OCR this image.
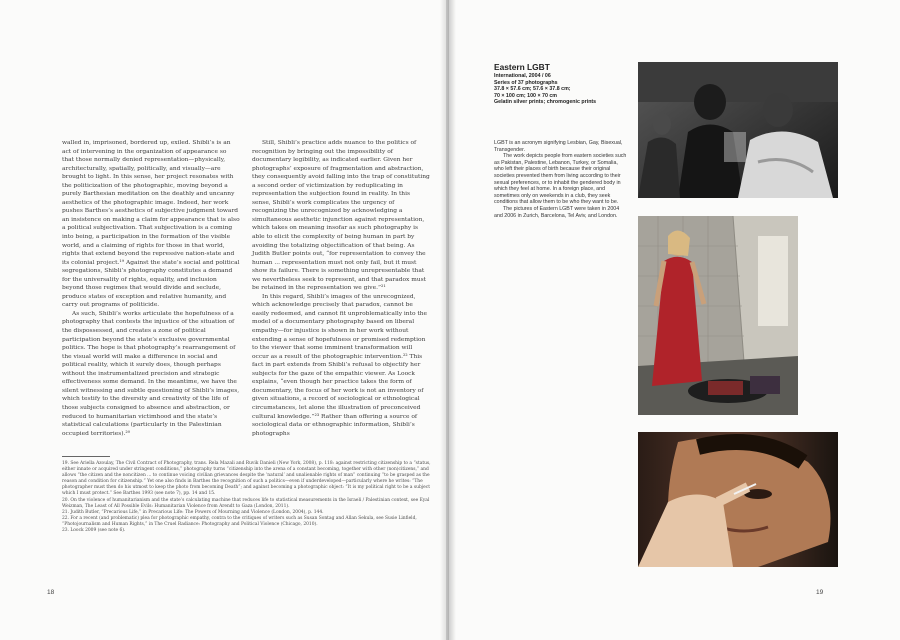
walled in, imprisoned, bordered up, exiled. Shibli’s is an act of intervening in the organization of appearance so that those normally denied representation—physically, architecturally, spatially, politically, and visually—are brought to light. In this sense, her project resonates with the politicization of the photographic, moving beyond a purely Barthesian meditation on the deathly and uncanny aesthetics of the photographic image. Indeed, her work pushes Barthes’s aesthetics of subjective judgment toward an insistence on making a claim for appearance that is also a political subjectivation. That subjectivation is a coming into being, a participation in the formation of the visible world, and a claiming of rights for those in that world, rights that extend beyond the repressive nation-state and its colonial project.¹⁹ Against the state’s social and political segregations, Shibli’s photography constitutes a demand for the universality of rights, equality, and inclusion beyond those regimes that would divide and seclude, produce states of exception and relative humanity, and carry out programs of politicide.

As such, Shibli’s works articulate the hopefulness of a photography that contests the injustice of the situation of the dispossessed, and creates a zone of political participation beyond the state’s exclusive governmental politics. The hope is that photography’s rearrangement of the visual world will make a difference in social and political reality, which it surely does, though perhaps without the instrumentalized precision and strategic effectiveness some demand. In the meantime, we have the silent witnessing and subtle questioning of Shibli’s images, which testify to the diversity and creativity of the life of those subjects consigned to absence and abstraction, or reduced to humanitarian victimhood and the state’s statistical calculations (particularly in the Palestinian occupied territories).²⁰

Still, Shibli’s practice adds nuance to the politics of recognition by bringing out the impossibility of documentary legibility, as indicated earlier. Given her photographs’ exposure of fragmentation and abstraction, they consequently avoid falling into the trap of constituting a second order of victimization by reduplicating in representation the subjection found in reality. In this sense, Shibli’s work complicates the urgency of recognizing the unrecognized by acknowledging a simultaneous aesthetic injunction against representation, which takes on meaning insofar as such photography is able to elicit the complexity of being human in part by avoiding the totalizing objectification of that being. As Judith Butler points out, “for representation to convey the human ... representation must not only fail, but it must show its failure. There is something unrepresentable that we nevertheless seek to represent, and that paradox must be retained in the representation we give.”²¹

In this regard, Shibli’s images of the unrecognized, which acknowledge precisely that paradox, cannot be easily redeemed, and cannot fit unproblematically into the model of a documentary photography based on liberal empathy—for injustice is shown in her work without extending a sense of hopefulness or promised redemption to the viewer that some imminent transformation will occur as a result of the photographic intervention.²² This fact in part extends from Shibli’s refusal to objectify her subjects for the gaze of the empathic viewer. As Loock explains, “even though her practice takes the form of documentary, the focus of her work is not an inventory of given situations, a record of sociological or ethnological circumstances, let alone the illustration of preconceived cultural knowledge.”²³ Rather than offering a source of sociological data or ethnographic information, Shibli’s photographs

19. See Ariella Azoulay, The Civil Contract of Photography, trans. Rela Mazali and Ruvik Danieli (New York, 2008), p. 118: against restricting citizenship to a “status, either innate or acquired under stringent conditions,” photography turns “citizenship into the arena of a constant becoming, together with other (non)citizens,” and allows “the citizen and the noncitizen ... to continue voicing civilian grievances despite the ‘natural’ and unalienable rights of man” continuing “to be grasped as the reason and condition for citizenship.” Yet one also finds in Barthes the recognition of such a politics—even if underdeveloped—particularly where he writes: “The photographer must then do his utmost to keep the photo from becoming Death”; and against becoming a photographic object: “It is my political right to be a subject which I must protect.” See Barthes 1993 (see note 7), pp. 14 and 15.

20. On the violence of humanitarianism and the state’s calculating machine that reduces life to statistical measurements in the Israeli / Palestinian context, see Eyal Weizman, The Least of All Possible Evils: Humanitarian Violence from Arendt to Gaza (London, 2011).

21. Judith Butler, “Precarious Life,” in Precarious Life: The Powers of Mourning and Violence (London, 2004), p. 144.

22. For a recent (and problematic) plea for photographic empathy, contra to the critiques of writers such as Susan Sontag and Allan Sekula, see Susie Linfield, “Photojournalism and Human Rights,” in The Cruel Radiance: Photography and Political Violence (Chicago, 2010).

23. Loock 2009 (see note 6).

18

Eastern LGBT

International, 2004 / 06

Series of 37 photographs

37.8 × 57.6 cm; 57.6 × 37.8 cm;

70 × 100 cm; 100 × 70 cm

Gelatin silver prints; chromogenic prints

LGBT is an acronym signifying Lesbian, Gay, Bisexual, Transgender.

The work depicts people from eastern societies such as Pakistan, Palestine, Lebanon, Turkey, or Somalia, who left their places of birth because their original societies prevented them from living according to their sexual preferences, or to inhabit the gendered body in which they feel at home. In a foreign place, and sometimes only on weekends in a club, they seek conditions that allow them to be who they want to be.

The pictures of Eastern LGBT were taken in 2004 and 2006 in Zurich, Barcelona, Tel Aviv, and London.

19
